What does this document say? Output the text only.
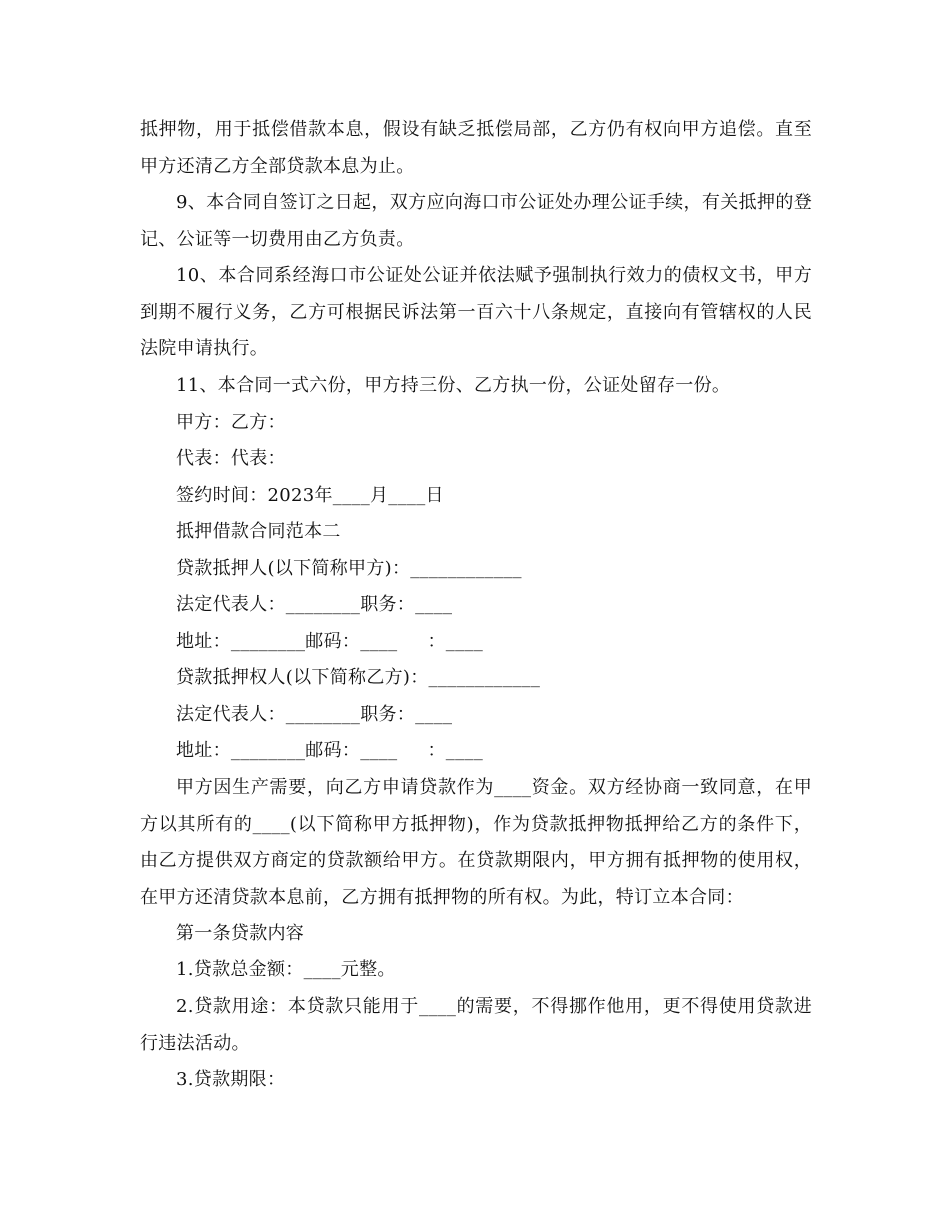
抵押物，用于抵偿借款本息，假设有缺乏抵偿局部，乙方仍有权向甲方追偿。直至甲方还清乙方全部贷款本息为止。

9、本合同自签订之日起，双方应向海口市公证处办理公证手续，有关抵押的登记、公证等一切费用由乙方负责。

10、本合同系经海口市公证处公证并依法赋予强制执行效力的债权文书，甲方到期不履行义务，乙方可根据民诉法第一百六十八条规定，直接向有管辖权的人民法院申请执行。

11、本合同一式六份，甲方持三份、乙方执一份，公证处留存一份。

甲方：乙方：

代表：代表：

签约时间：2023年____月____日

抵押借款合同范本二

贷款抵押人(以下简称甲方)：____________

法定代表人：________职务：____

地址：________邮码：____     ：____

贷款抵押权人(以下简称乙方)：____________

法定代表人：________职务：____

地址：________邮码：____     ：____

甲方因生产需要，向乙方申请贷款作为____资金。双方经协商一致同意，在甲方以其所有的____(以下简称甲方抵押物)，作为贷款抵押物抵押给乙方的条件下，由乙方提供双方商定的贷款额给甲方。在贷款期限内，甲方拥有抵押物的使用权，在甲方还清贷款本息前，乙方拥有抵押物的所有权。为此，特订立本合同：

第一条贷款内容

1.贷款总金额：____元整。

2.贷款用途：本贷款只能用于____的需要，不得挪作他用，更不得使用贷款进行违法活动。

3.贷款期限：
